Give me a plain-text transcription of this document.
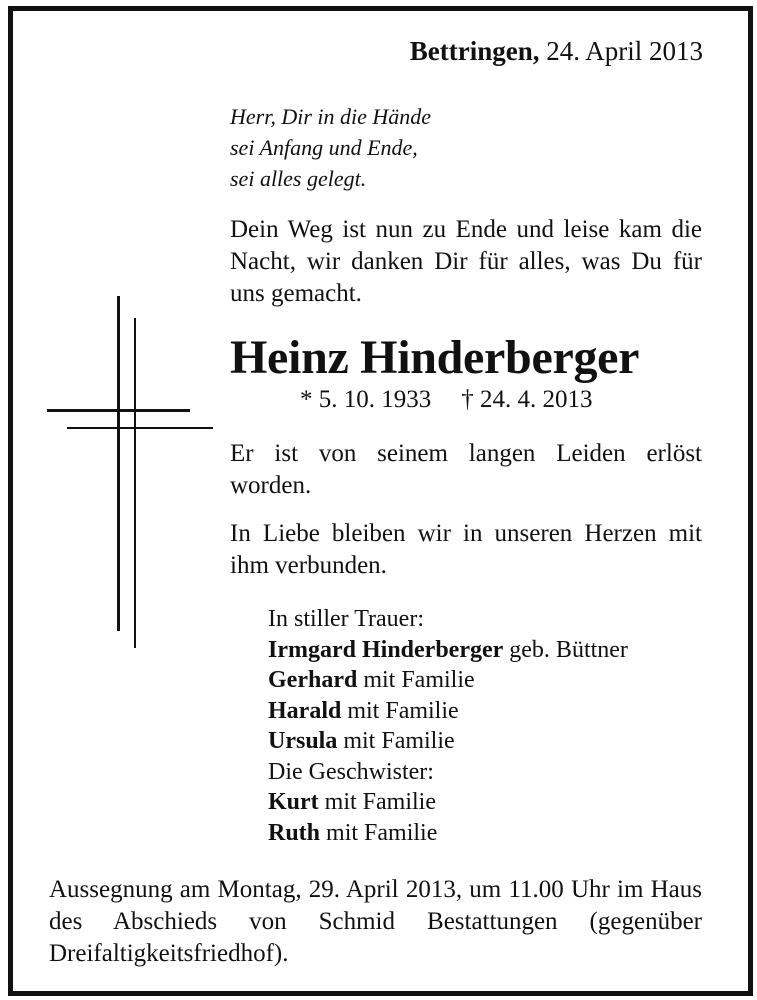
Bettringen, 24. April 2013
Herr, Dir in die Hände
sei Anfang und Ende,
sei alles gelegt.
Dein Weg ist nun zu Ende und leise kam die Nacht, wir danken Dir für alles, was Du für uns gemacht.
Heinz Hinderberger
* 5. 10. 1933 † 24. 4. 2013
Er ist von seinem langen Leiden erlöst worden.
In Liebe bleiben wir in unseren Herzen mit ihm verbunden.
In stiller Trauer:
Irmgard Hinderberger geb. Büttner
Gerhard mit Familie
Harald mit Familie
Ursula mit Familie
Die Geschwister:
Kurt mit Familie
Ruth mit Familie
Aussegnung am Montag, 29. April 2013, um 11.00 Uhr im Haus des Abschieds von Schmid Bestattungen (gegenüber Dreifaltigkeitsfriedhof).
